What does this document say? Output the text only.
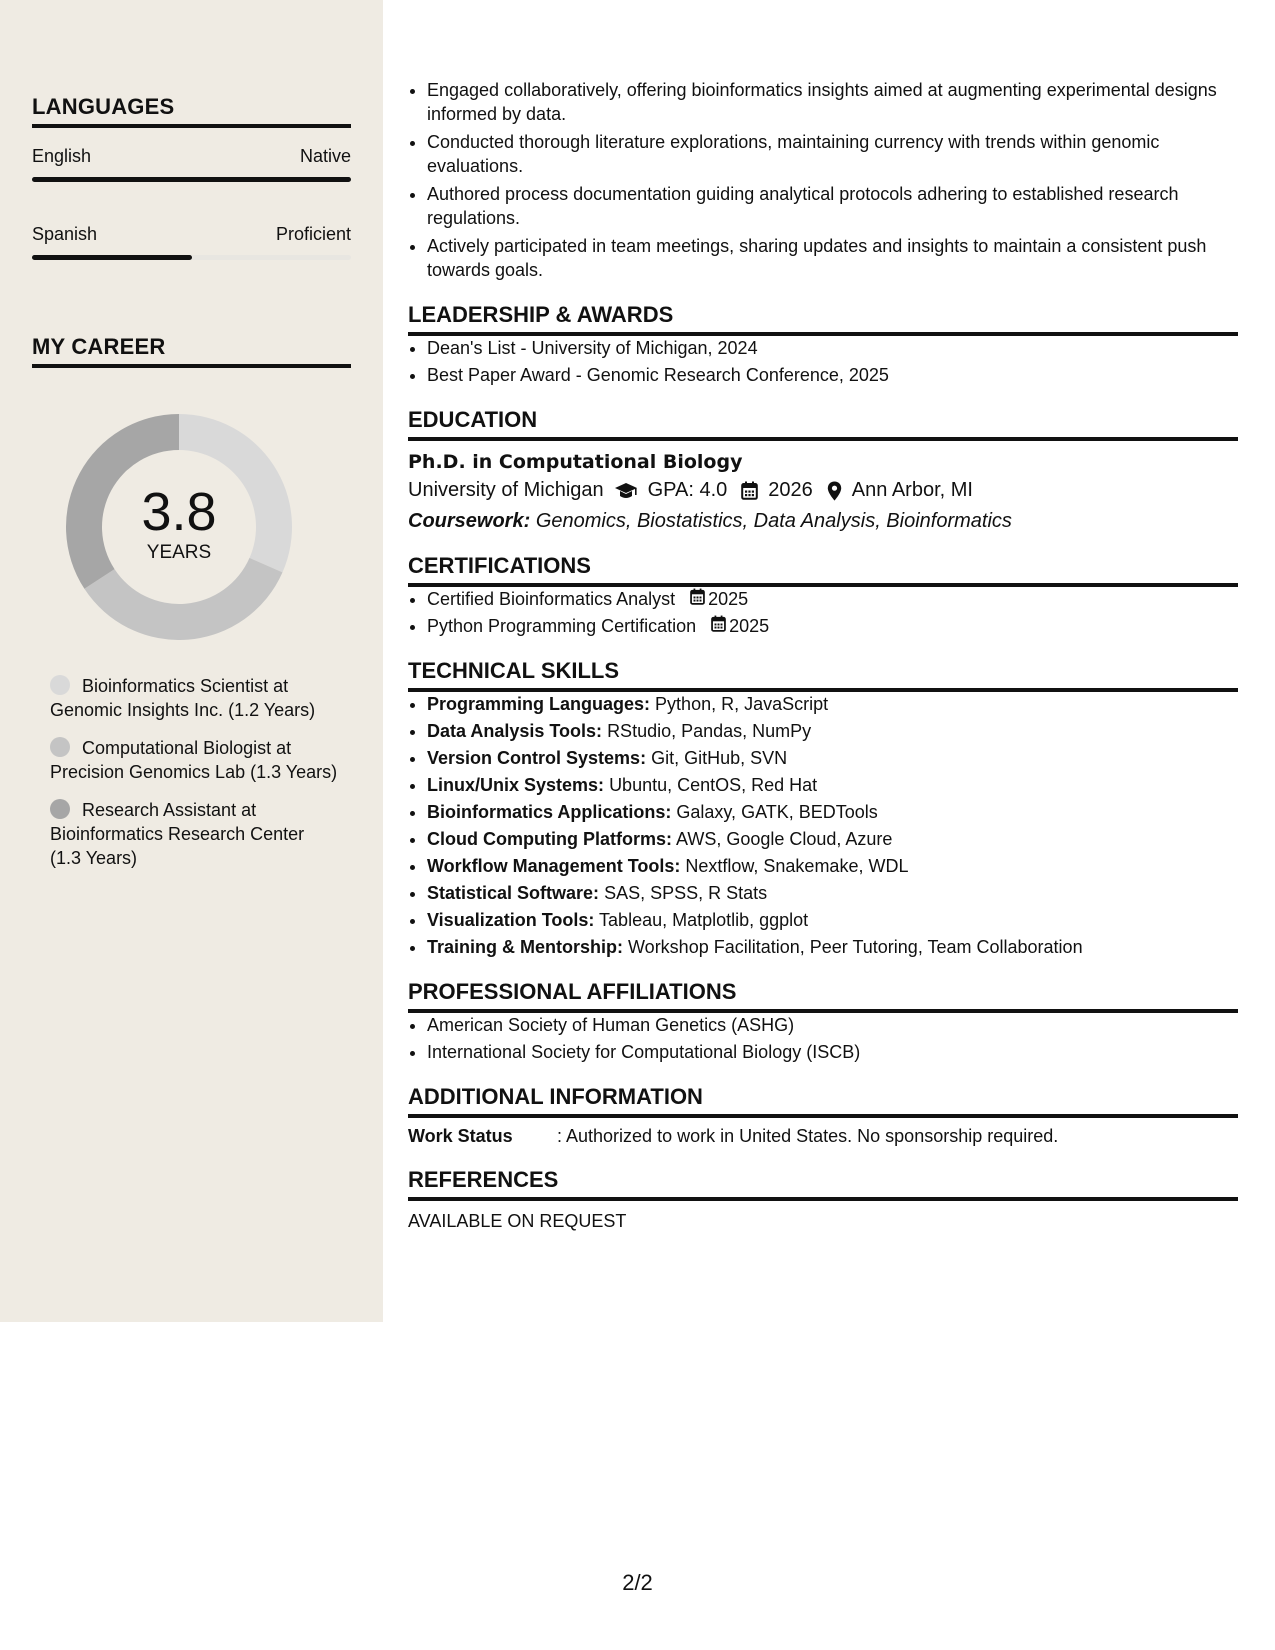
LANGUAGES
English	Native
Spanish	Proficient
MY CAREER
3.8
YEARS
Bioinformatics Scientist at Genomic Insights Inc. (1.2 Years)
Computational Biologist at Precision Genomics Lab (1.3 Years)
Research Assistant at Bioinformatics Research Center (1.3 Years)
• Engaged collaboratively, offering bioinformatics insights aimed at augmenting experimental designs informed by data.
• Conducted thorough literature explorations, maintaining currency with trends within genomic evaluations.
• Authored process documentation guiding analytical protocols adhering to established research regulations.
• Actively participated in team meetings, sharing updates and insights to maintain a consistent push towards goals.
LEADERSHIP & AWARDS
• Dean's List - University of Michigan, 2024
• Best Paper Award - Genomic Research Conference, 2025
EDUCATION
Ph.D. in Computational Biology
University of Michigan GPA: 4.0 2026 Ann Arbor, MI
Coursework: Genomics, Biostatistics, Data Analysis, Bioinformatics
CERTIFICATIONS
• Certified Bioinformatics Analyst 2025
• Python Programming Certification 2025
TECHNICAL SKILLS
• Programming Languages: Python, R, JavaScript
• Data Analysis Tools: RStudio, Pandas, NumPy
• Version Control Systems: Git, GitHub, SVN
• Linux/Unix Systems: Ubuntu, CentOS, Red Hat
• Bioinformatics Applications: Galaxy, GATK, BEDTools
• Cloud Computing Platforms: AWS, Google Cloud, Azure
• Workflow Management Tools: Nextflow, Snakemake, WDL
• Statistical Software: SAS, SPSS, R Stats
• Visualization Tools: Tableau, Matplotlib, ggplot
• Training & Mentorship: Workshop Facilitation, Peer Tutoring, Team Collaboration
PROFESSIONAL AFFILIATIONS
• American Society of Human Genetics (ASHG)
• International Society for Computational Biology (ISCB)
ADDITIONAL INFORMATION
Work Status	: Authorized to work in United States. No sponsorship required.
REFERENCES
AVAILABLE ON REQUEST
2/2
